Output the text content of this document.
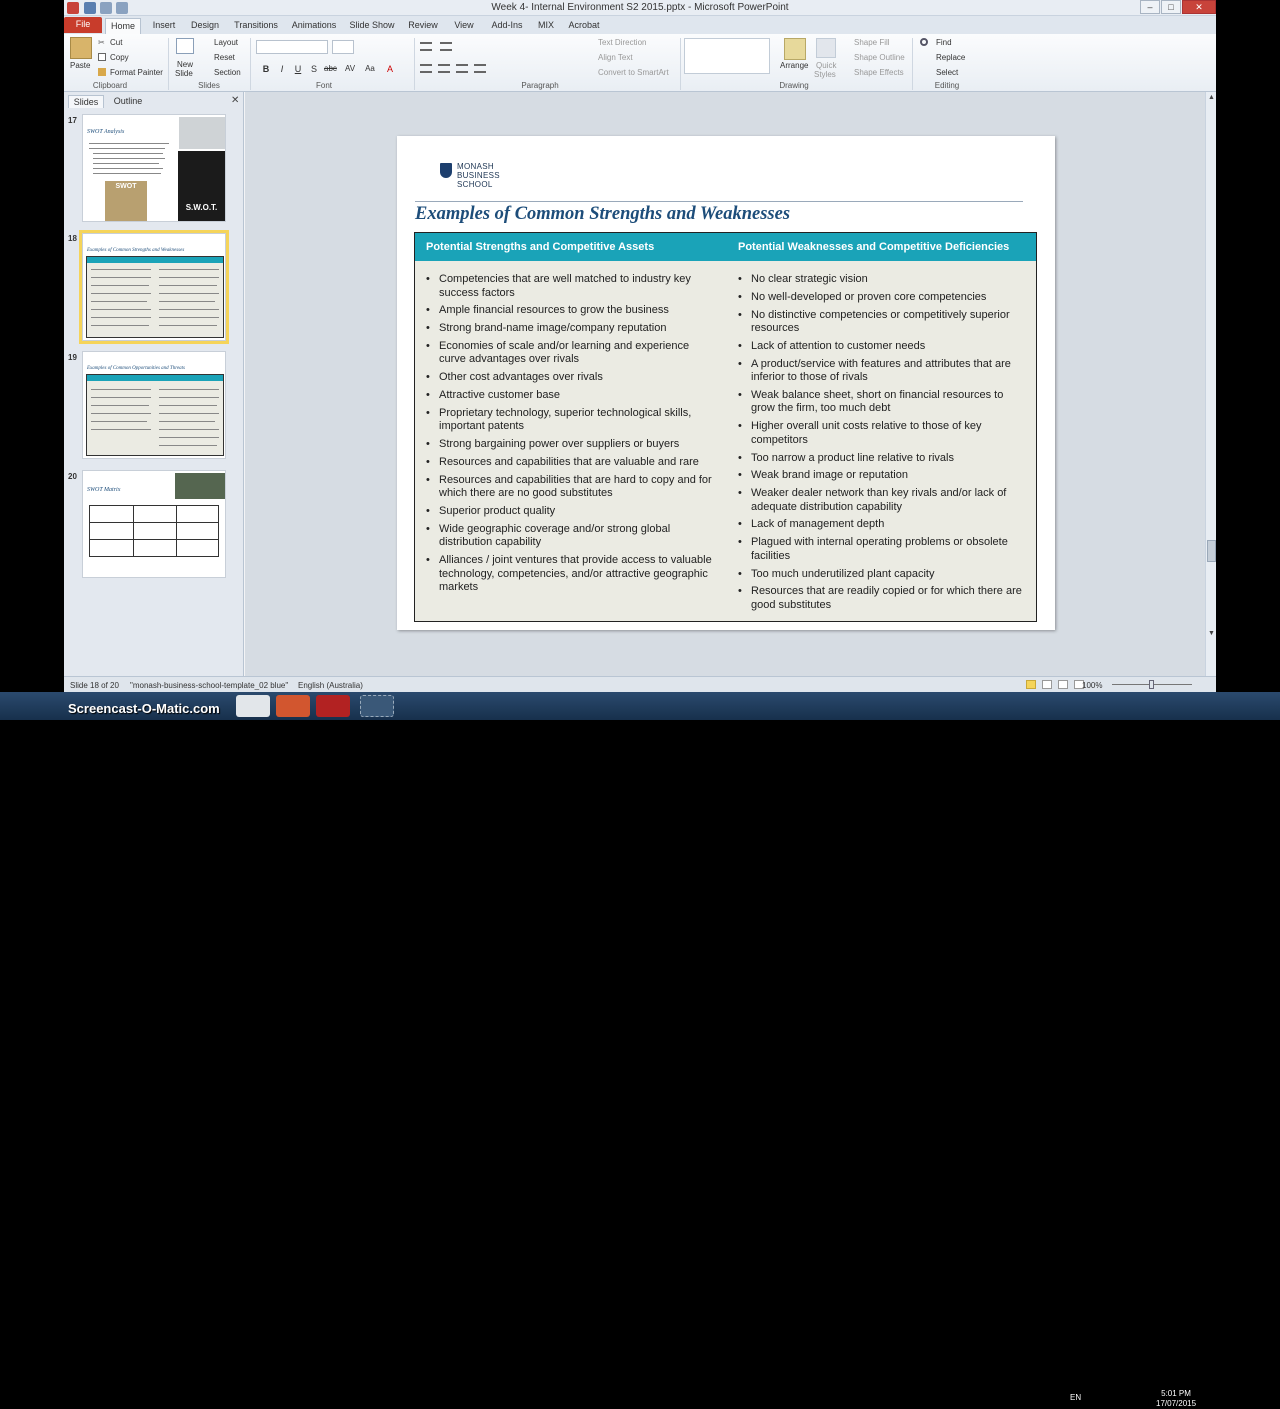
Week 4- Internal Environment S2 2015.pptx - Microsoft PowerPoint	–	□	✕
File	Home	Insert	Design	Transitions	Animations	Slide Show	Review	View	Add-Ins	MIX	Acrobat
Paste
✂ Cut
Copy
Format Painter
Clipboard
New
Slide
Layout
Reset
Section
Slides
B	I	U	S abc AV Aa	A
Font
Text Direction
Align Text
Convert to SmartArt
Paragraph
Arrange Quick
Styles
Shape Fill
Shape Outline
Shape Effects
Drawing
Find
Replace
Select
Editing
Slides	Outline	✕
17
SWOT Analysis
S.W.O.T.
SWOT
18
Examples of Common Strengths and Weaknesses
19
Examples of Common Opportunities and Threats
20
SWOT Matrix
MONASH
BUSINESS
SCHOOL
Examples of Common Strengths and Weaknesses
Potential Strengths and Competitive Assets	Potential Weaknesses and Competitive Deficiencies
• Competencies that are well matched to industry key success factors
• Ample financial resources to grow the business
• Strong brand-name image/company reputation
• Economies of scale and/or learning and experience curve advantages over rivals
• Other cost advantages over rivals
• Attractive customer base
• Proprietary technology, superior technological skills, important patents
• Strong bargaining power over suppliers or buyers
• Resources and capabilities that are valuable and rare
• Resources and capabilities that are hard to copy and for which there are no good substitutes
• Superior product quality
• Wide geographic coverage and/or strong global distribution capability
• Alliances / joint ventures that provide access to valuable technology, competencies, and/or attractive geographic markets
• No clear strategic vision
• No well-developed or proven core competencies
• No distinctive competencies or competitively superior resources
• Lack of attention to customer needs
• A product/service with features and attributes that are inferior to those of rivals
• Weak balance sheet, short on financial resources to grow the firm, too much debt
• Higher overall unit costs relative to those of key competitors
• Too narrow a product line relative to rivals
• Weak brand image or reputation
• Weaker dealer network than key rivals and/or lack of adequate distribution capability
• Lack of management depth
• Plagued with internal operating problems or obsolete facilities
• Too much underutilized plant capacity
• Resources that are readily copied or for which there are good substitutes
▲
▼
Slide 18 of 20 "monash-business-school-template_02 blue" English (Australia)	100%
EN	5:01 PM
17/07/2015
Screencast-O-Matic.com
